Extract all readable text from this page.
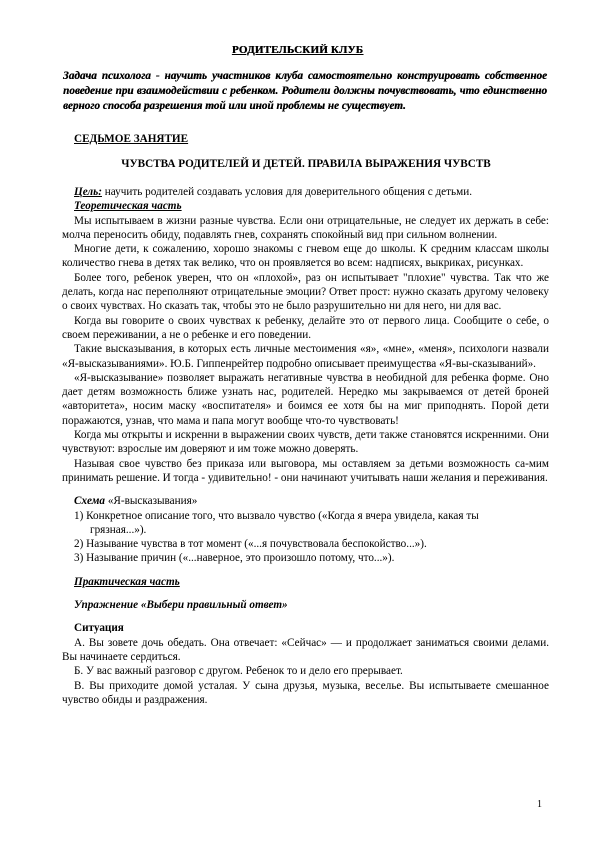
РОДИТЕЛЬСКИЙ КЛУБ
Задача психолога - научить участников клуба самостоятельно конструировать собственное поведение при взаимодействии с ребенком. Родители должны почувствовать, что единственно верного способа разрешения той или иной проблемы не существует.
СЕДЬМОЕ ЗАНЯТИЕ
ЧУВСТВА РОДИТЕЛЕЙ И ДЕТЕЙ. ПРАВИЛА ВЫРАЖЕНИЯ ЧУВСТВ

Цель: научить родителей создавать условия для доверительного общения с детьми.

Теоретическая часть

Мы испытываем в жизни разные чувства. Если они отрицательные, не следует их держать в себе: молча переносить обиду, подавлять гнев, сохранять спокойный вид при сильном волнении.

Многие дети, к сожалению, хорошо знакомы с гневом еще до школы. К средним классам школы количество гнева в детях так велико, что он проявляется во всем: надписях, выкриках, рисунках.

Более того, ребенок уверен, что он «плохой», раз он испытывает "плохие" чувства. Так что же делать, когда нас переполняют отрицательные эмоции? Ответ прост: нужно сказать другому человеку о своих чувствах. Но сказать так, чтобы это не было разрушительно ни для него, ни для вас.

Когда вы говорите о своих чувствах к ребенку, делайте это от первого лица. Сообщите о себе, о своем переживании, а не о ребенке и его поведении.

Такие высказывания, в которых есть личные местоимения «я», «мне», «меня», психологи назвали «Я-высказываниями». Ю.Б. Гиппенрейтер подробно описывает преимущества «Я-вы-сказываний».

«Я-высказывание» позволяет выражать негативные чувства в необидной для ребенка форме. Оно дает детям возможность ближе узнать нас, родителей. Нередко мы закрываемся от детей броней «авторитета», носим маску «воспитателя» и боимся ее хотя бы на миг приподнять. Порой дети поражаются, узнав, что мама и папа могут вообще что-то чувствовать!

Когда мы открыты и искренни в выражении своих чувств, дети также становятся искренними. Они чувствуют: взрослые им доверяют и им тоже можно доверять.

Называя свое чувство без приказа или выговора, мы оставляем за детьми возможность са-мим принимать решение. И тогда - удивительно! - они начинают учитывать наши желания и переживания.

Схема «Я-высказывания»

1) Конкретное описание того, что вызвало чувство («Когда я вчера увидела, какая ты

грязная...»).

2) Называние чувства в тот момент («...я почувствовала беспокойство...»).

3) Называние причин («...наверное, это произошло потому, что...»).

Практическая часть

Упражнение «Выбери правильный ответ»

Ситуация

А. Вы зовете дочь обедать. Она отвечает: «Сейчас» — и продолжает заниматься своими делами. Вы начинаете сердиться.

Б. У вас важный разговор с другом. Ребенок то и дело его прерывает.

В. Вы приходите домой усталая. У сына друзья, музыка, веселье. Вы испытываете смешанное чувство обиды и раздражения.

1
